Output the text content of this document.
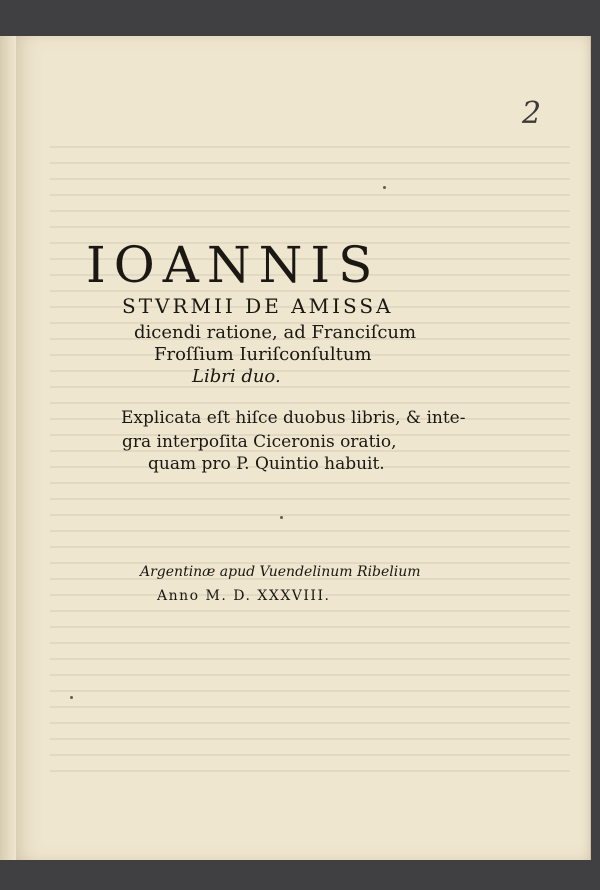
2
IOANNIS
STVRMII DE AMISSA
dicendi ratione, ad Franciſcum
Froſſium Iuriſconſultum
Libri duo.
Explicata eſt hiſce duobus libris, & inte-
gra interpoſita Ciceronis oratio,
quam pro P. Quintio habuit.
Argentinæ apud Vuendelinum Ribelium
Anno M. D. XXXVIII.
